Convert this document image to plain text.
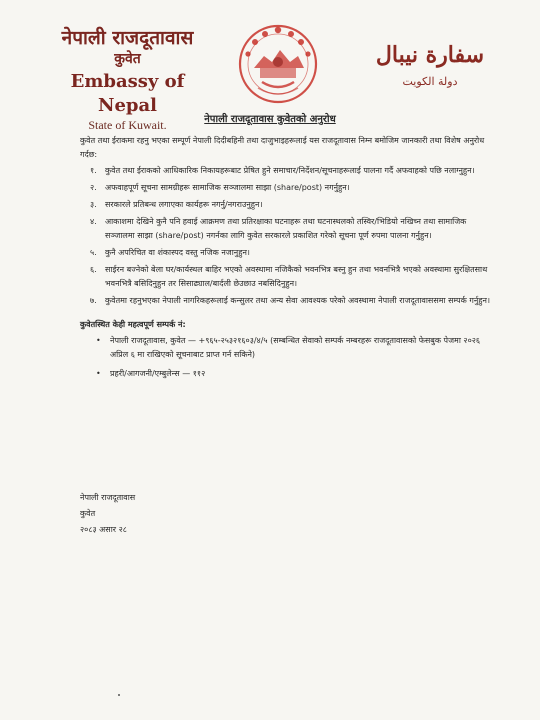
नेपाली राजदूतावास
कुवेत
Embassy of Nepal
State of Kuwait.
سفارة نيبال
دولة الكويت
नेपाली राजदूतावास कुवेतको अनुरोध

कुवेत तथा ईराकमा रहनु भएका सम्पूर्ण नेपाली दिदीबहिनी तथा दाजुभाइहरूलाई यस राजदूतावास निम्न बमोजिम जानकारी तथा विशेष अनुरोध गर्दछ:

१. कुवेत तथा ईराकको आधिकारिक निकायहरूबाट प्रेषित हुने समाचार/निर्देशन/सूचनाहरूलाई पालना गर्दै अफवाहको पछि नलाग्नुहुन।
२. अफवाहपूर्ण सूचना सामग्रीहरू सामाजिक सञ्जालमा साझा (share/post) नगर्नुहुन।
३. सरकारले प्रतिबन्ध लगाएका कार्यहरू नगर्नु/नगराउनुहुन।
४. आकाशमा देखिने कुनै पनि हवाई आक्रमण तथा प्रतिरक्षाका घटनाहरू तथा घटनास्थलको तस्विर/भिडियो नखिच्न तथा सामाजिक सञ्जालमा साझा (share/post) नगर्नका लागि कुवेत सरकारले प्रकाशित गरेको सूचना पूर्ण रुपमा पालना गर्नुहुन।
५. कुनै अपरिचित वा शंकास्पद वस्तु नजिक नजानुहुन।
६. साईरन बज्नेको बेला घर/कार्यस्थल बाहिर भएको अवस्थामा नजिकैको भवनभित्र बस्नु हुन तथा भवनभित्रै भएको अवस्थामा सुरक्षितसाथ भवनभित्रै बसिदिनुहुन तर सिसाढ्याल/बार्दली छेउछाउ नबसिदिनुहुन।
७. कुवेतमा रहनुभएका नेपाली नागरिकहरूलाई कन्सुलर तथा अन्य सेवा आवश्यक परेको अवस्थामा नेपाली राजदूतावाससमा सम्पर्क गर्नुहुन।
कुवेतस्थित केही महत्वपूर्ण सम्पर्क नं:
• नेपाली राजदूतावास, कुवेत — +९६५-२५३२१६०३/४/५ (सम्बन्धित सेवाको सम्पर्क नम्बरहरू राजदूतावासको फेसबुक पेजमा २०२६ अप्रिल ६ मा राखिएको सूचनाबाट प्राप्त गर्न सकिने)
• प्रहरी/आगजनी/एम्बुलेन्स — ११२
नेपाली राजदूतावास
कुवेत
२०८३ असार २८
